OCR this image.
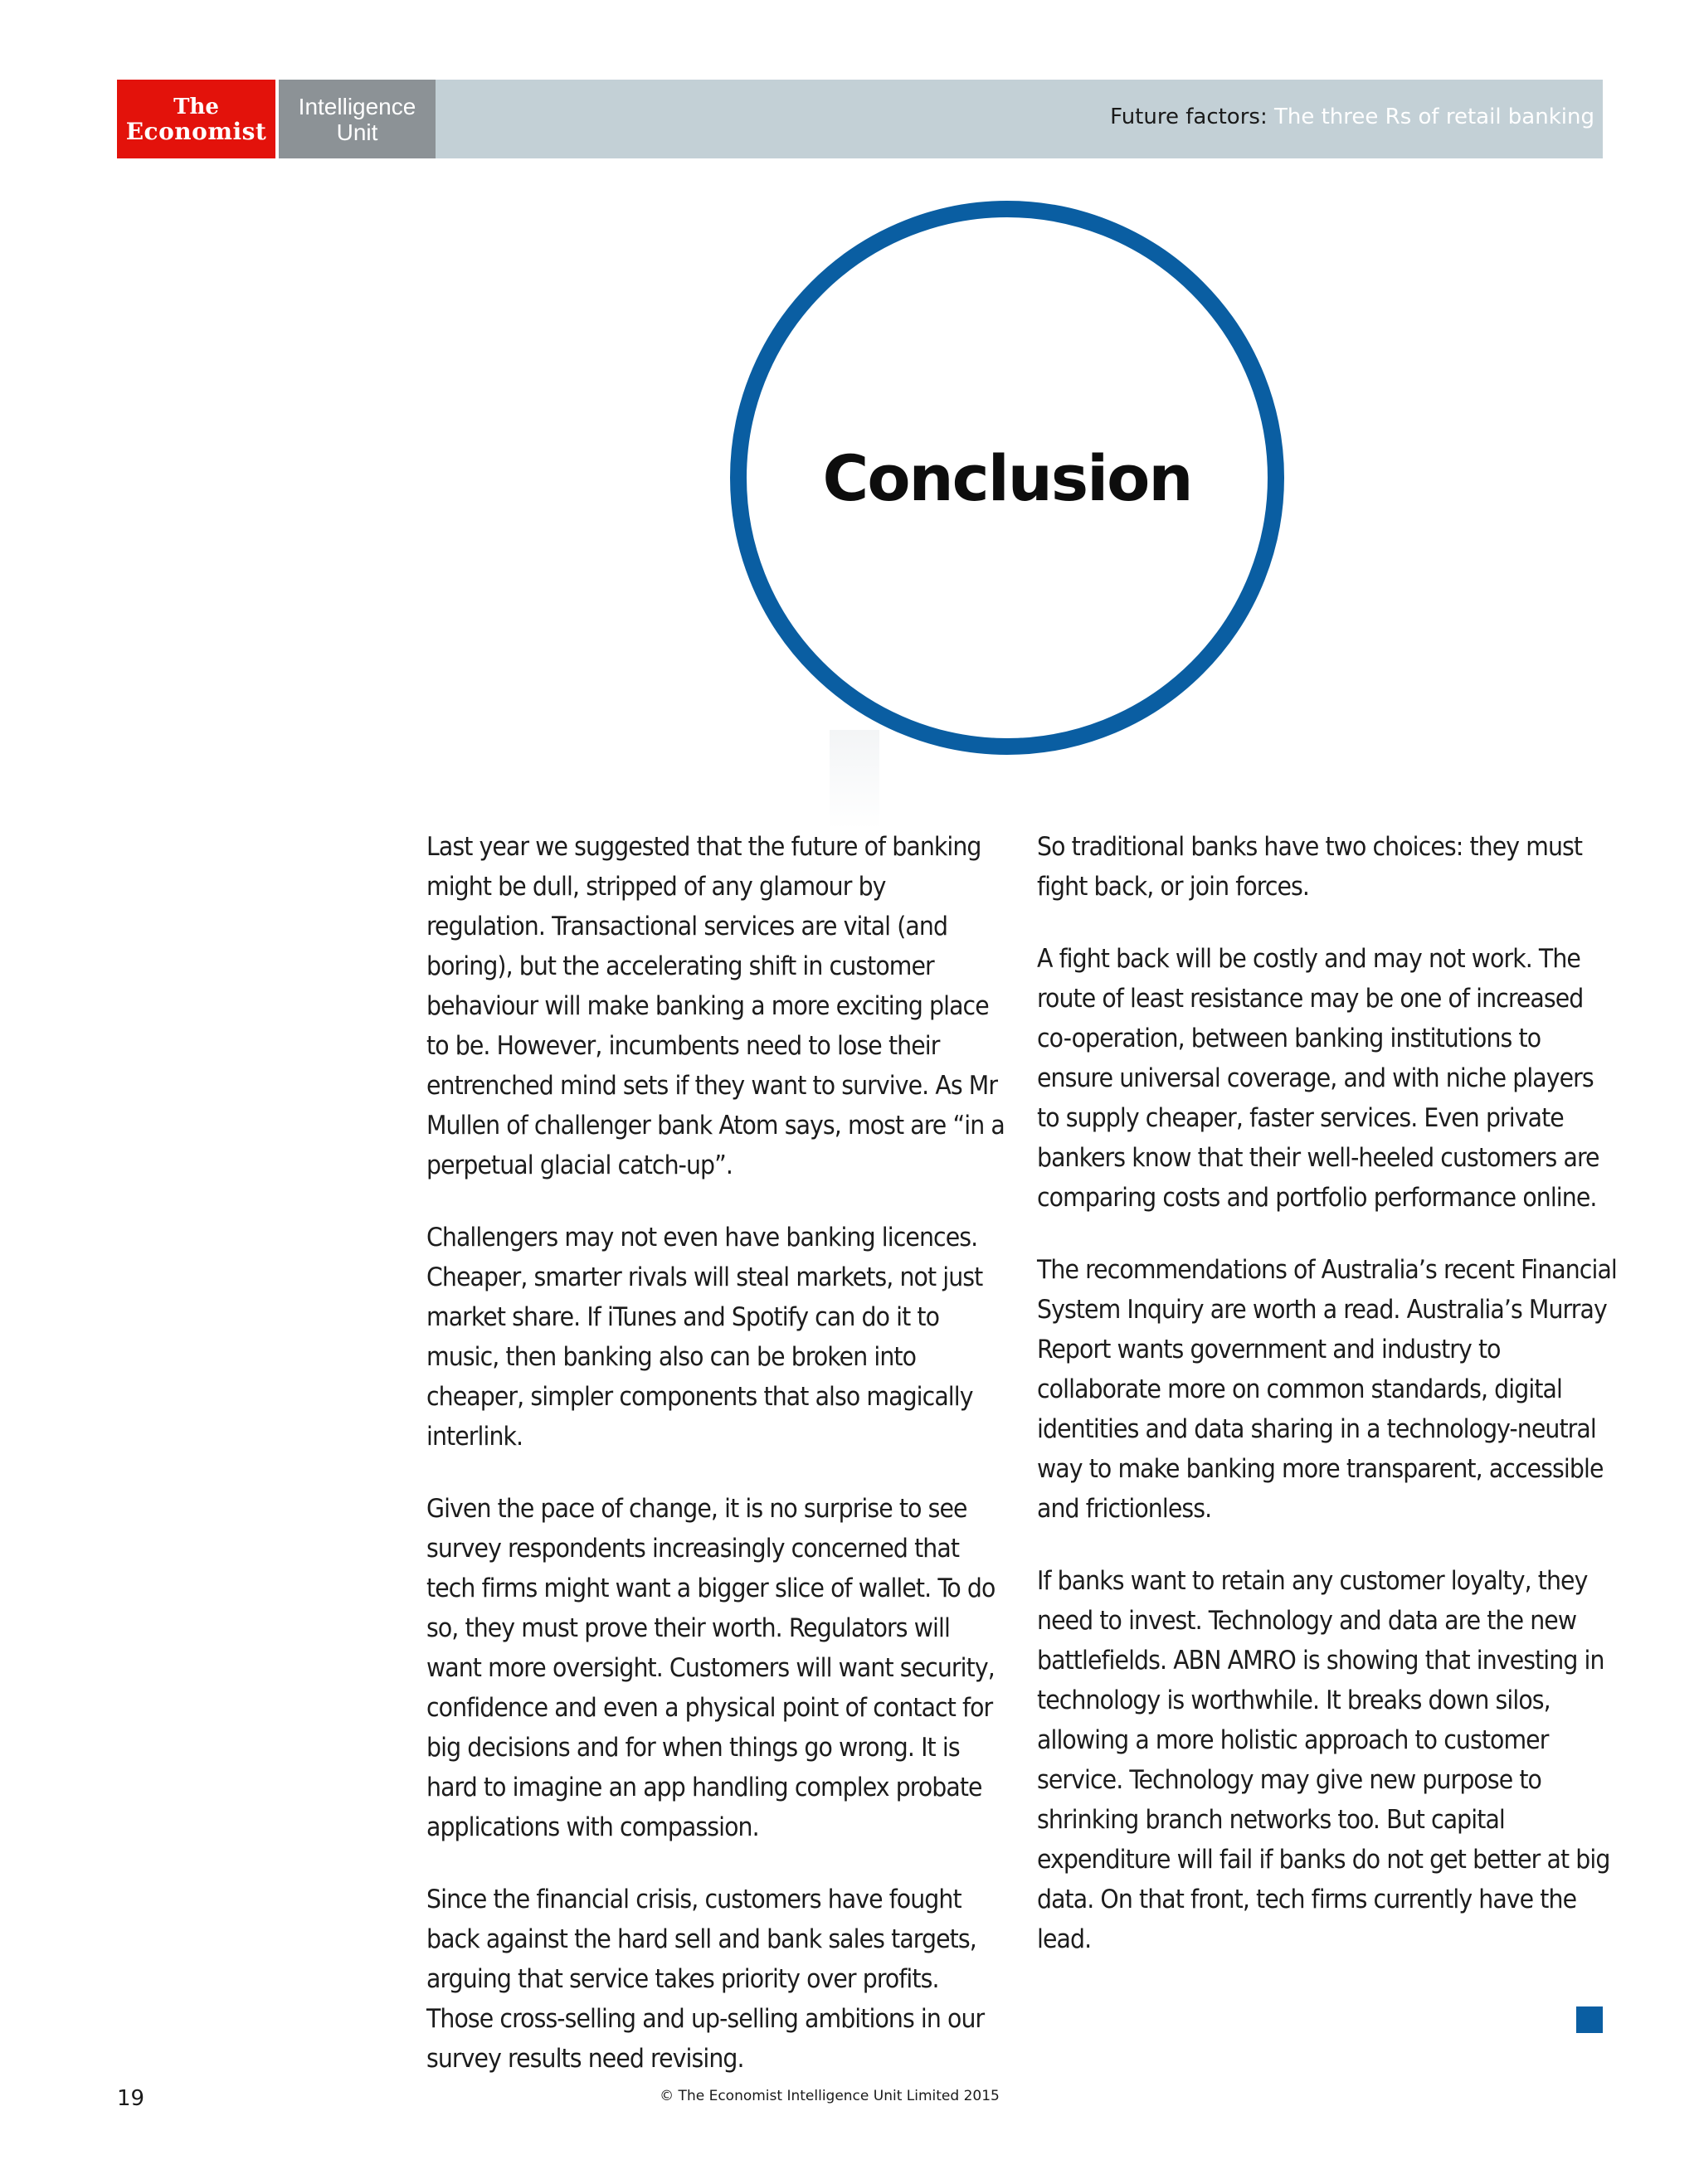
The
Economist
Intelligence
Unit
Future factors: The three Rs of retail banking
Conclusion

Last year we suggested that the future of banking might be dull, stripped of any glamour by regulation. Transactional services are vital (and boring), but the accelerating shift in customer behaviour will make banking a more exciting place to be. However, incumbents need to lose their entrenched mind sets if they want to survive. As Mr Mullen of challenger bank Atom says, most are “in a perpetual glacial catch-up”.

Challengers may not even have banking licences. Cheaper, smarter rivals will steal markets, not just market share. If iTunes and Spotify can do it to music, then banking also can be broken into cheaper, simpler components that also magically interlink.

Given the pace of change, it is no surprise to see survey respondents increasingly concerned that tech firms might want a bigger slice of wallet. To do so, they must prove their worth. Regulators will want more oversight. Customers will want security, confidence and even a physical point of contact for big decisions and for when things go wrong. It is hard to imagine an app handling complex probate applications with compassion.

Since the financial crisis, customers have fought back against the hard sell and bank sales targets, arguing that service takes priority over profits. Those cross-selling and up-selling ambitions in our survey results need revising.

So traditional banks have two choices: they must fight back, or join forces.

A fight back will be costly and may not work. The route of least resistance may be one of increased co-operation, between banking institutions to ensure universal coverage, and with niche players to supply cheaper, faster services. Even private bankers know that their well-heeled customers are comparing costs and portfolio performance online.

The recommendations of Australia’s recent Financial System Inquiry are worth a read. Australia’s Murray Report wants government and industry to collaborate more on common standards, digital identities and data sharing in a technology-neutral way to make banking more transparent, accessible and frictionless.

If banks want to retain any customer loyalty, they need to invest. Technology and data are the new battlefields. ABN AMRO is showing that investing in technology is worthwhile. It breaks down silos, allowing a more holistic approach to customer service. Technology may give new purpose to shrinking branch networks too. But capital expenditure will fail if banks do not get better at big data. On that front, tech firms currently have the lead.

19	© The Economist Intelligence Unit Limited 2015
